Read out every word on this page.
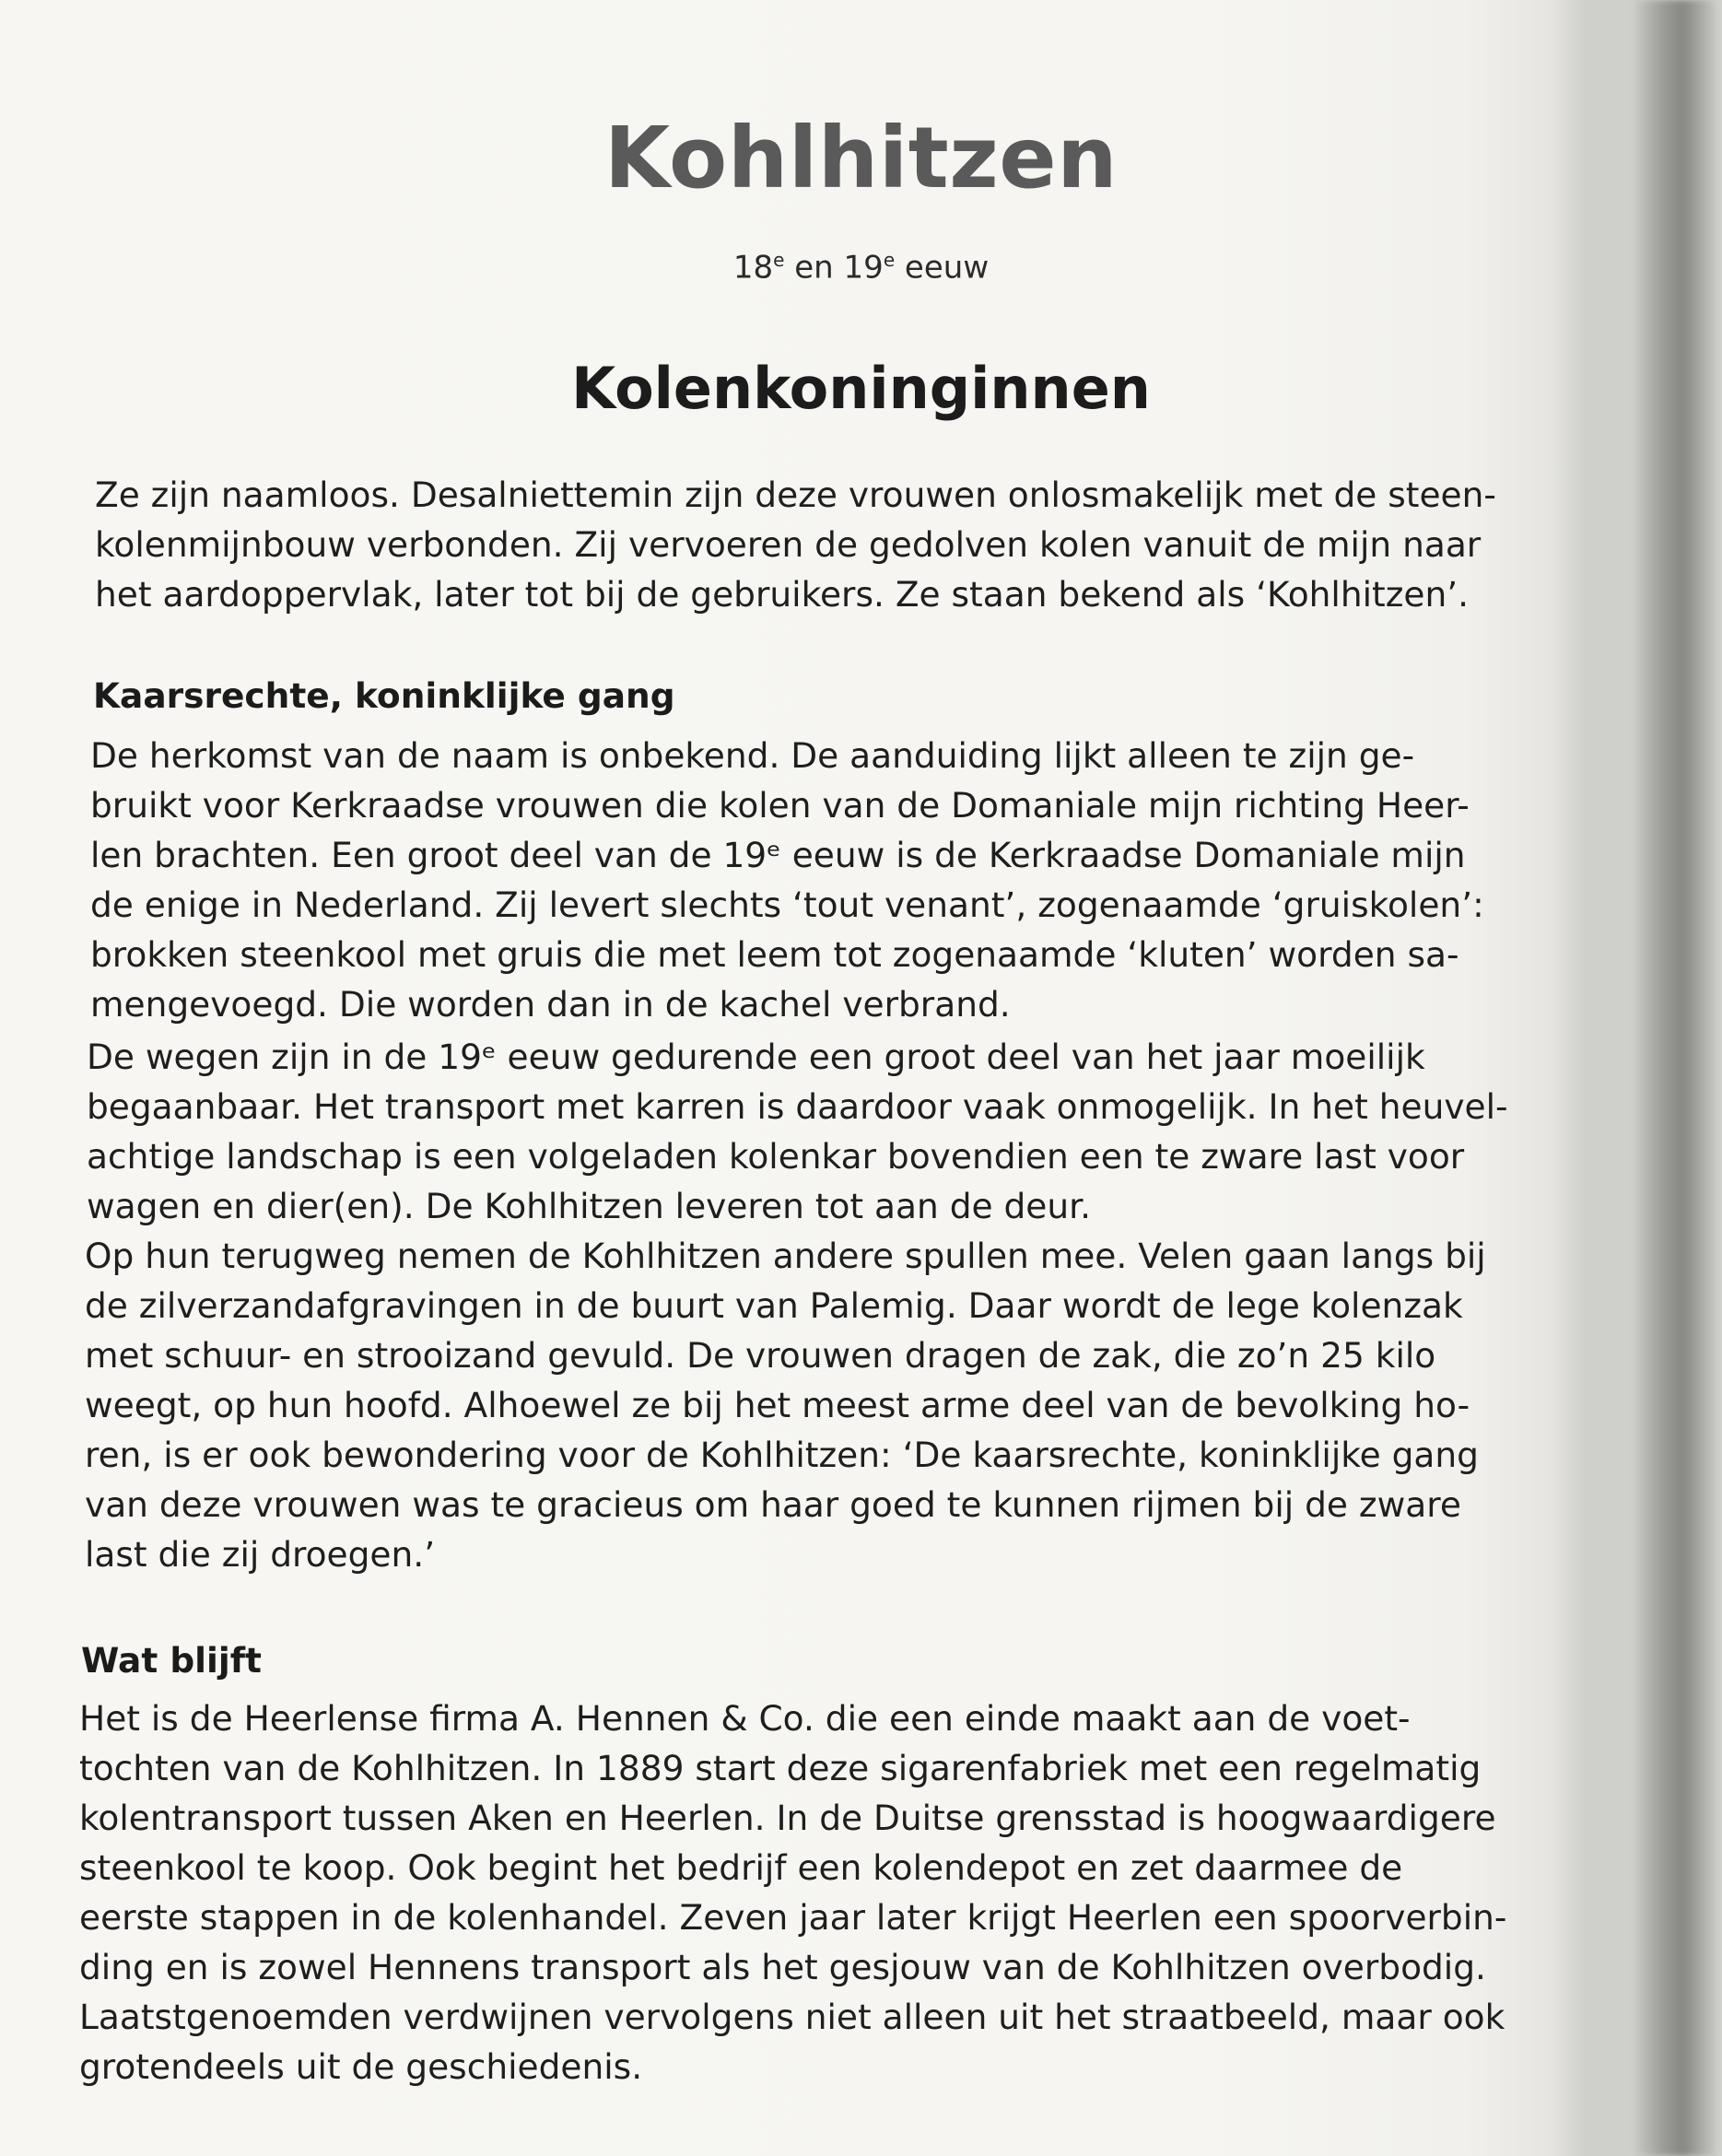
Kohlhitzen
18e en 19e eeuw
Kolenkoninginnen
Ze zijn naamloos. Desalniettemin zijn deze vrouwen onlosmakelijk met de steen-
kolenmijnbouw verbonden. Zij vervoeren de gedolven kolen vanuit de mijn naar
het aardoppervlak, later tot bij de gebruikers. Ze staan bekend als ‘Kohlhitzen’.
Kaarsrechte, koninklijke gang
De herkomst van de naam is onbekend. De aanduiding lijkt alleen te zijn ge-
bruikt voor Kerkraadse vrouwen die kolen van de Domaniale mijn richting Heer-
len brachten. Een groot deel van de 19ᵉ eeuw is de Kerkraadse Domaniale mijn
de enige in Nederland. Zij levert slechts ‘tout venant’, zogenaamde ‘gruiskolen’:
brokken steenkool met gruis die met leem tot zogenaamde ‘kluten’ worden sa-
mengevoegd. Die worden dan in de kachel verbrand.
De wegen zijn in de 19ᵉ eeuw gedurende een groot deel van het jaar moeilijk
begaanbaar. Het transport met karren is daardoor vaak onmogelijk. In het heuvel-
achtige landschap is een volgeladen kolenkar bovendien een te zware last voor
wagen en dier(en). De Kohlhitzen leveren tot aan de deur.
Op hun terugweg nemen de Kohlhitzen andere spullen mee. Velen gaan langs bij
de zilverzandafgravingen in de buurt van Palemig. Daar wordt de lege kolenzak
met schuur- en strooizand gevuld. De vrouwen dragen de zak, die zo’n 25 kilo
weegt, op hun hoofd. Alhoewel ze bij het meest arme deel van de bevolking ho-
ren, is er ook bewondering voor de Kohlhitzen: ‘De kaarsrechte, koninklijke gang
van deze vrouwen was te gracieus om haar goed te kunnen rijmen bij de zware
last die zij droegen.’
Wat blijft
Het is de Heerlense firma A. Hennen & Co. die een einde maakt aan de voet-
tochten van de Kohlhitzen. In 1889 start deze sigarenfabriek met een regelmatig
kolentransport tussen Aken en Heerlen. In de Duitse grensstad is hoogwaardigere
steenkool te koop. Ook begint het bedrijf een kolendepot en zet daarmee de
eerste stappen in de kolenhandel. Zeven jaar later krijgt Heerlen een spoorverbin-
ding en is zowel Hennens transport als het gesjouw van de Kohlhitzen overbodig.
Laatstgenoemden verdwijnen vervolgens niet alleen uit het straatbeeld, maar ook
grotendeels uit de geschiedenis.
